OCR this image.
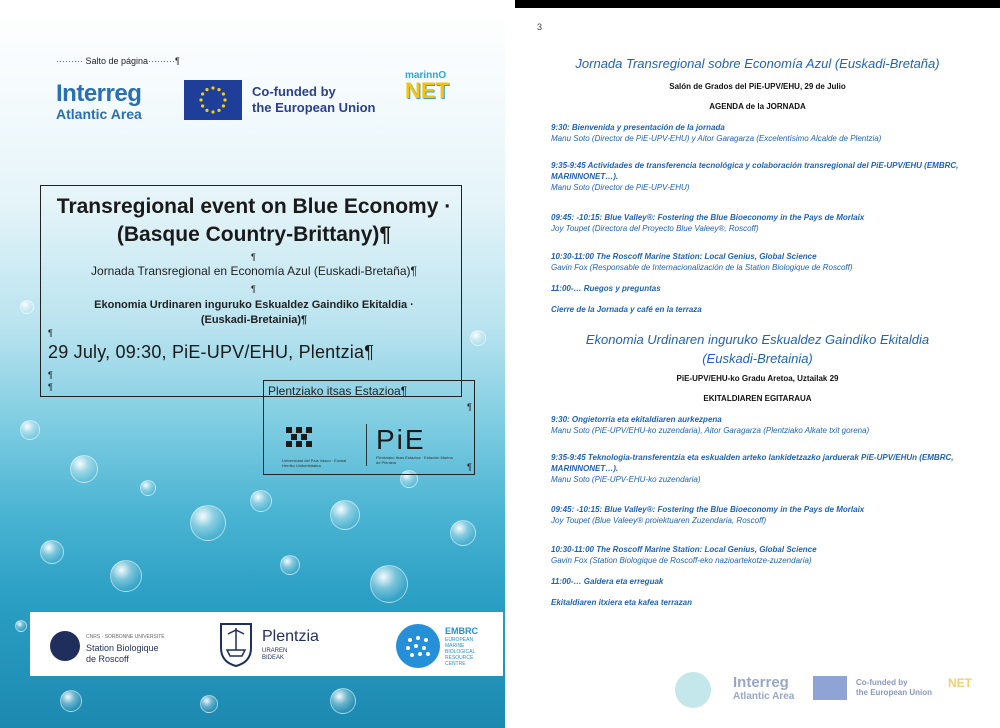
········· Salto de página·········¶
Interreg
Atlantic Area
Co-funded by
the European Union
marinnO
NET
Transregional event on Blue Economy ·
(Basque Country-Brittany)¶
¶
Jornada Transregional en Economía Azul (Euskadi-Bretaña)¶
¶
Ekonomia Urdinaren inguruko Eskualdez Gaindiko Ekitaldia ·
(Euskadi-Bretainia)¶
¶
29 July, 09:30, PiE-UPV/EHU, Plentzia¶
¶
¶	Plentziako itsas Estazioa¶
¶
Universidad del País Vasco · Euskal Herriko Unibertsitatea
PiE
Plentziako Itsas Estazioa · Estación Marina de Plentzia	¶
CNRS · SORBONNE UNIVERSITÉ
Station Biologique
de Roscoff
Plentzia
URAREN
BIDEAK
EMBRC
EUROPEAN
MARINE
BIOLOGICAL
RESOURCE
CENTRE
3
Jornada Transregional sobre Economía Azul (Euskadi-Bretaña)
Salón de Grados del PiE-UPV/EHU, 29 de Julio
AGENDA de la JORNADA
9:30: Bienvenida y presentación de la jornada
Manu Soto (Director de PiE-UPV-EHU) y Aitor Garagarza (Excelentísimo Alcalde de Plentzia)
9:35-9:45 Actividades de transferencia tecnológica y colaboración transregional del PiE-UPV/EHU (EMBRC, MARINNONET…).
Manu Soto (Director de PiE-UPV-EHU)
09:45: -10:15: Blue Valley®: Fostering the Blue Bioeconomy in the Pays de Morlaix
Joy Toupet (Directora del Proyecto Blue Valeey®, Roscoff)
10:30-11:00 The Roscoff Marine Station: Local Genius, Global Science
Gavin Fox (Responsable de Internacionalización de la Station Biologique de Roscoff)
11:00-… Ruegos y preguntas
Cierre de la Jornada y café en la terraza
Ekonomia Urdinaren inguruko Eskualdez Gaindiko Ekitaldia
(Euskadi-Bretainia)
PiE-UPV/EHU-ko Gradu Aretoa, Uztailak 29
EKITALDIAREN EGITARAUA
9:30: Ongietorria eta ekitaldiaren aurkezpena
Manu Soto (PiE-UPV/EHU-ko zuzendaria), Aitor Garagarza (Plentziako Alkate txit gorena)
9:35-9:45 Teknologia-transferentzia eta eskualden arteko lankidetzazko jarduerak PiE-UPV/EHUn (EMBRC, MARINNONET…).
Manu Soto (PiE-UPV-EHU-ko zuzendaria)
09:45: -10:15: Blue Valley®: Fostering the Blue Bioeconomy in the Pays de Morlaix
Joy Toupet (Blue Valeey® proiektuaren Zuzendaria, Roscoff)
10:30-11:00 The Roscoff Marine Station: Local Genius, Global Science
Gavin Fox (Station Biologique de Roscoff-eko nazioartekotze-zuzendaria)
11:00-… Galdera eta erreguak
Ekitaldiaren itxiera eta kafea terrazan
Interreg
Atlantic Area
Co-funded by
the European Union
NET
